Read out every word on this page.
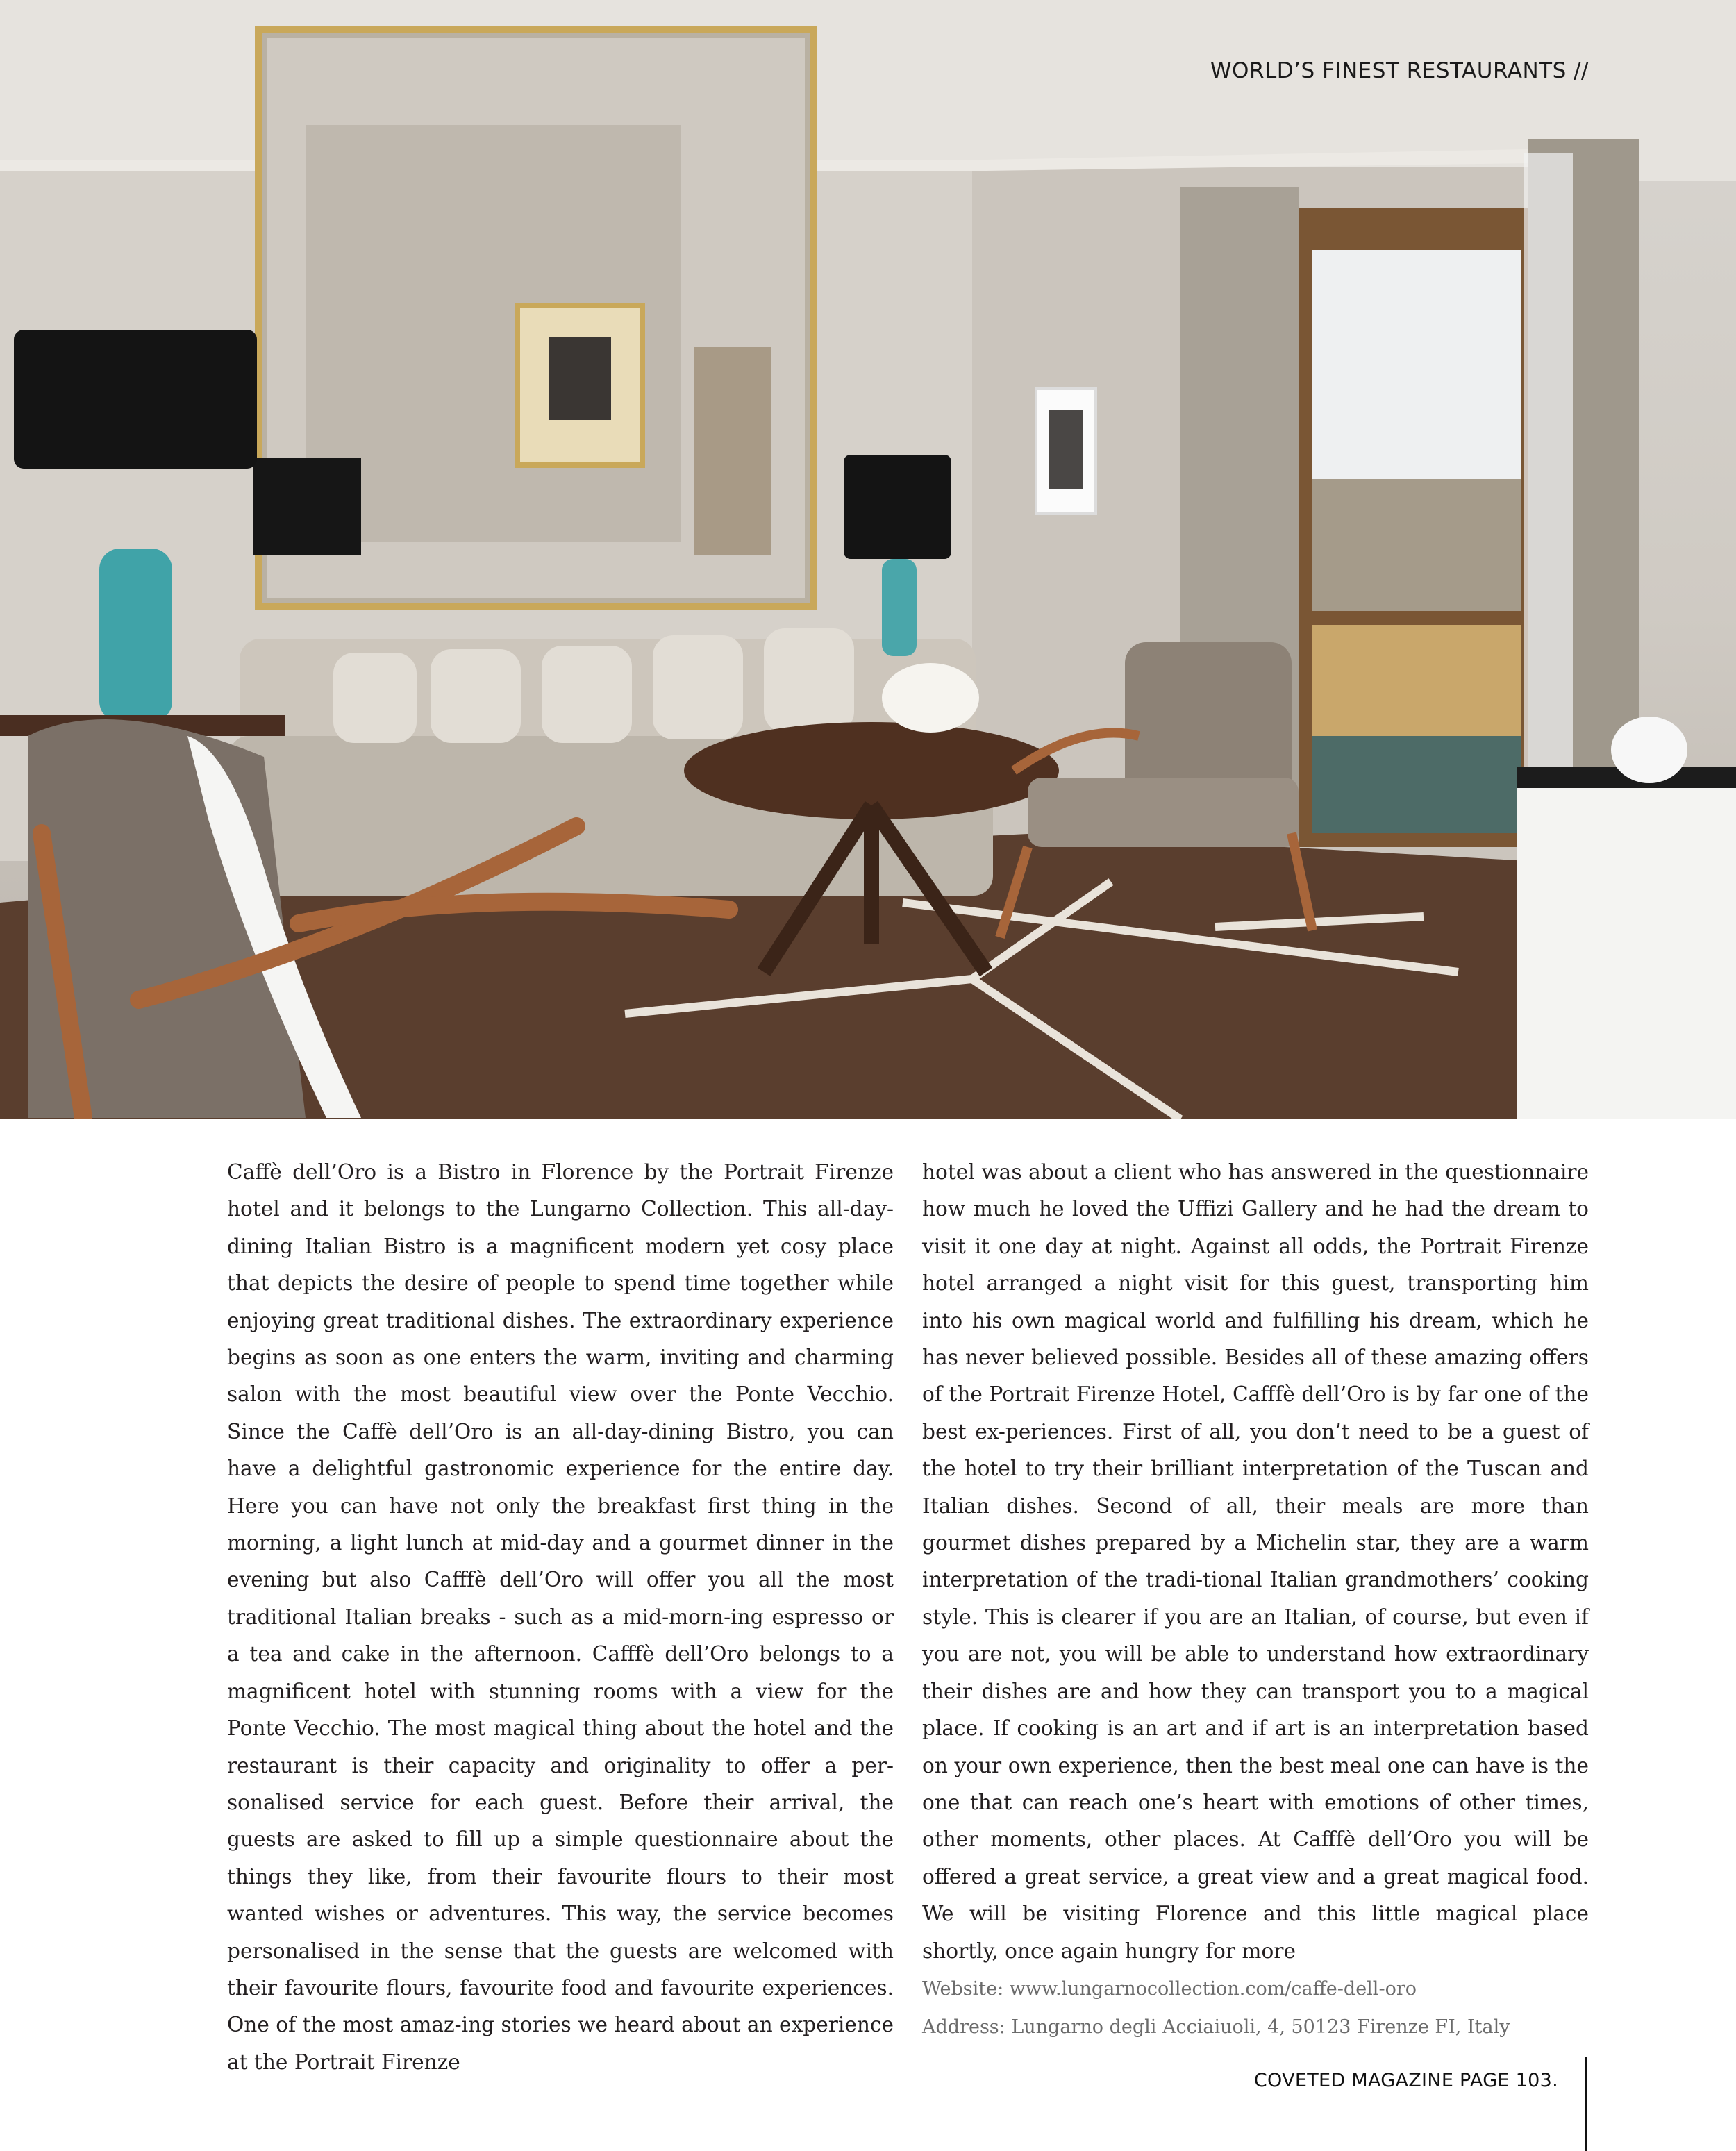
WORLD’S FINEST RESTAURANTS //
Caffè dell’Oro is a Bistro in Florence by the Portrait Firenze hotel and it belongs to the Lungarno Collection. This all-day-dining Italian Bistro is a magnificent modern yet cosy place that depicts the desire of people to spend time together while enjoying great traditional dishes. The extraordinary experience begins as soon as one enters the warm, inviting and charming salon with the most beautiful view over the Ponte Vecchio. Since the Caffè dell’Oro is an all-day-dining Bistro, you can have a delightful gastronomic experience for the entire day. Here you can have not only the breakfast first thing in the morning, a light lunch at mid-day and a gourmet dinner in the evening but also Cafffè dell’Oro will offer you all the most traditional Italian breaks - such as a mid-morn-ing espresso or a tea and cake in the afternoon. Cafffè dell’Oro belongs to a magnificent hotel with stunning rooms with a view for the Ponte Vecchio. The most magical thing about the hotel and the restaurant is their capacity and originality to offer a per-sonalised service for each guest. Before their arrival, the guests are asked to fill up a simple questionnaire about the things they like, from their favourite flours to their most wanted wishes or adventures. This way, the service becomes personalised in the sense that the guests are welcomed with their favourite flours, favourite food and favourite experiences. One of the most amaz-ing stories we heard about an experience at the Portrait Firenze
hotel was about a client who has answered in the questionnaire how much he loved the Uffizi Gallery and he had the dream to visit it one day at night. Against all odds, the Portrait Firenze hotel arranged a night visit for this guest, transporting him into his own magical world and fulfilling his dream, which he has never believed possible. Besides all of these amazing offers of the Portrait Firenze Hotel, Cafffè dell’Oro is by far one of the best ex-periences. First of all, you don’t need to be a guest of the hotel to try their brilliant interpretation of the Tuscan and Italian dishes. Second of all, their meals are more than gourmet dishes prepared by a Michelin star, they are a warm interpretation of the tradi-tional Italian grandmothers’ cooking style. This is clearer if you are an Italian, of course, but even if you are not, you will be able to understand how extraordinary their dishes are and how they can transport you to a magical place. If cooking is an art and if art is an interpretation based on your own experience, then the best meal one can have is the one that can reach one’s heart with emotions of other times, other moments, other places. At Cafffè dell’Oro you will be offered a great service, a great view and a great magical food. We will be visiting Florence and this little magical place shortly, once again hungry for more
Website: www.lungarnocollection.com/caffe-dell-oro
Address: Lungarno degli Acciaiuoli, 4, 50123 Firenze FI, Italy
COVETED MAGAZINE PAGE 103.
